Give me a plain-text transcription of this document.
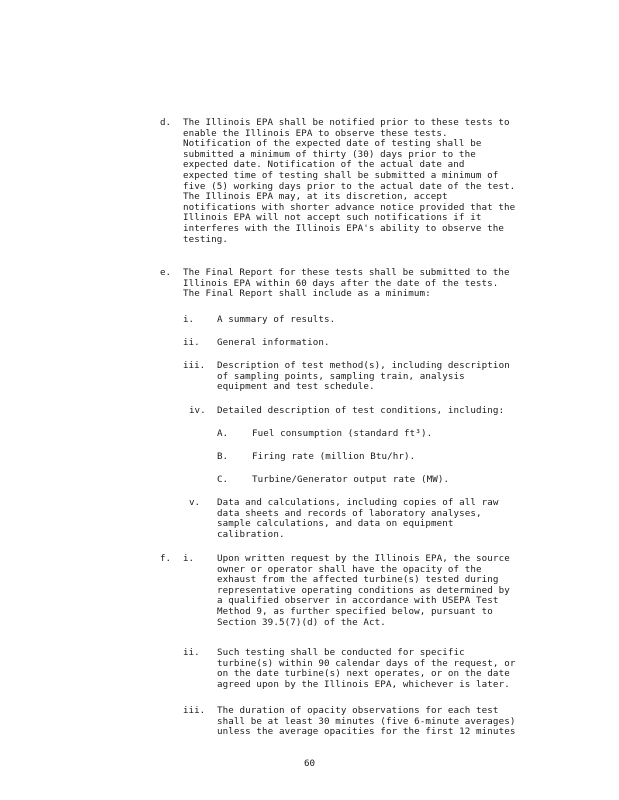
d. The Illinois EPA shall be notified prior to these tests to
enable the Illinois EPA to observe these tests.
Notification of the expected date of testing shall be
submitted a minimum of thirty (30) days prior to the
expected date. Notification of the actual date and
expected time of testing shall be submitted a minimum of
five (5) working days prior to the actual date of the test.
The Illinois EPA may, at its discretion, accept
notifications with shorter advance notice provided that the
Illinois EPA will not accept such notifications if it
interferes with the Illinois EPA's ability to observe the
testing.
e. The Final Report for these tests shall be submitted to the
Illinois EPA within 60 days after the date of the tests.
The Final Report shall include as a minimum:
i. A summary of results.
ii. General information.
iii. Description of test method(s), including description
of sampling points, sampling train, analysis
equipment and test schedule.
iv. Detailed description of test conditions, including:
A.	Fuel consumption (standard ft³).
B.	Firing rate (million Btu/hr).
C.	Turbine/Generator output rate (MW).
v. Data and calculations, including copies of all raw
data sheets and records of laboratory analyses,
sample calculations, and data on equipment
calibration.
f. i. Upon written request by the Illinois EPA, the source
owner or operator shall have the opacity of the
exhaust from the affected turbine(s) tested during
representative operating conditions as determined by
a qualified observer in accordance with USEPA Test
Method 9, as further specified below, pursuant to
Section 39.5(7)(d) of the Act.
ii. Such testing shall be conducted for specific
turbine(s) within 90 calendar days of the request, or
on the date turbine(s) next operates, or on the date
agreed upon by the Illinois EPA, whichever is later.
iii. The duration of opacity observations for each test
shall be at least 30 minutes (five 6-minute averages)
unless the average opacities for the first 12 minutes
60
